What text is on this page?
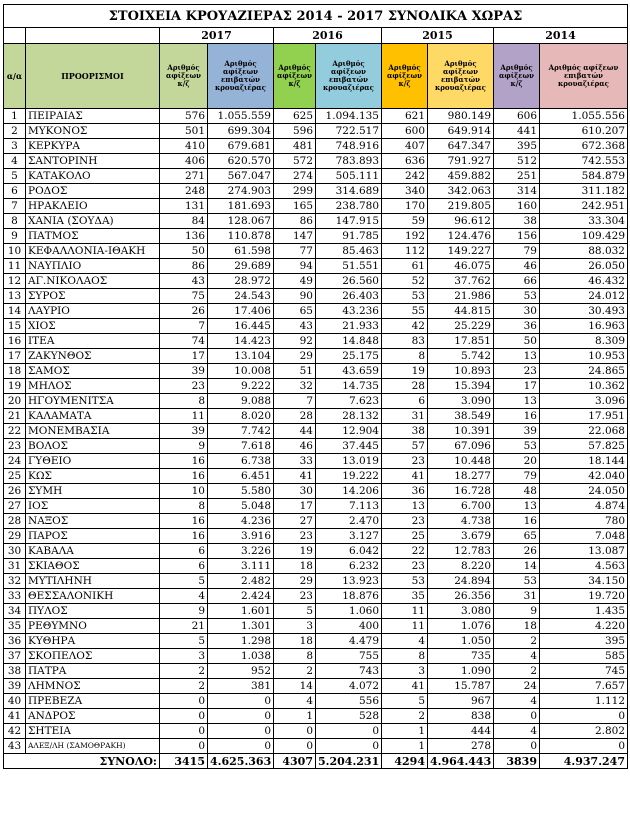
ΣΤΟΙΧΕΙΑ ΚΡΟΥΑΖΙΕΡΑΣ 2014 - 2017 ΣΥΝΟΛΙΚΑ ΧΩΡΑΣ									
		2017		2016		2015		2014	
α/α	ΠΡΟΟΡΙΣΜΟΙ	Αριθμός αφίξεων κ/ζ	Αριθμός αφίξεων επιβατών κρουαζιέρας	Αριθμός αφίξεων κ/ζ	Αριθμός αφίξεων επιβατών κρουαζιέρας	Αριθμός αφίξεων κ/ζ	Αριθμός αφίξεων επιβατών κρουαζιέρας	Αριθμός αφίξεων κ/ζ	Αριθμός αφίξεων επιβατών κρουαζιέρας
1	ΠΕΙΡΑΙΑΣ	576	1.055.559	625	1.094.135	621	980.149	606	1.055.556
2	ΜΥΚΟΝΟΣ	501	699.304	596	722.517	600	649.914	441	610.207
3	ΚΕΡΚΥΡΑ	410	679.681	481	748.916	407	647.347	395	672.368
4	ΣΑΝΤΟΡΙΝΗ	406	620.570	572	783.893	636	791.927	512	742.553
5	ΚΑΤΑΚΟΛΟ	271	567.047	274	505.111	242	459.882	251	584.879
6	ΡΟΔΟΣ	248	274.903	299	314.689	340	342.063	314	311.182
7	ΗΡΑΚΛΕΙΟ	131	181.693	165	238.780	170	219.805	160	242.951
8	ΧΑΝΙΑ (ΣΟΥΔΑ)	84	128.067	86	147.915	59	96.612	38	33.304
9	ΠΑΤΜΟΣ	136	110.878	147	91.785	192	124.476	156	109.429
10	ΚΕΦΑΛΛΟΝΙΑ-ΙΘΑΚΗ	50	61.598	77	85.463	112	149.227	79	88.032
11	ΝΑΥΠΛΙΟ	86	29.689	94	51.551	61	46.075	46	26.050
12	ΑΓ.ΝΙΚΟΛΑΟΣ	43	28.972	49	26.560	52	37.762	66	46.432
13	ΣΥΡΟΣ	75	24.543	90	26.403	53	21.986	53	24.012
14	ΛΑΥΡΙΟ	26	17.406	65	43.236	55	44.815	30	30.493
15	ΧΙΟΣ	7	16.445	43	21.933	42	25.229	36	16.963
16	ΙΤΕΑ	74	14.423	92	14.848	83	17.851	50	8.309
17	ΖΑΚΥΝΘΟΣ	17	13.104	29	25.175	8	5.742	13	10.953
18	ΣΑΜΟΣ	39	10.008	51	43.659	19	10.893	23	24.865
19	ΜΗΛΟΣ	23	9.222	32	14.735	28	15.394	17	10.362
20	ΗΓΟΥΜΕΝΙΤΣΑ	8	9.088	7	7.623	6	3.090	13	3.096
21	ΚΑΛΑΜΑΤΑ	11	8.020	28	28.132	31	38.549	16	17.951
22	ΜΟΝΕΜΒΑΣΙΑ	39	7.742	44	12.904	38	10.391	39	22.068
23	ΒΟΛΟΣ	9	7.618	46	37.445	57	67.096	53	57.825
24	ΓΥΘΕΙΟ	16	6.738	33	13.019	23	10.448	20	18.144
25	ΚΩΣ	16	6.451	41	19.222	41	18.277	79	42.040
26	ΣΥΜΗ	10	5.580	30	14.206	36	16.728	48	24.050
27	ΙΟΣ	8	5.048	17	7.113	13	6.700	13	4.874
28	ΝΑΞΟΣ	16	4.236	27	2.470	23	4.738	16	780
29	ΠΑΡΟΣ	16	3.916	23	3.127	25	3.679	65	7.048
30	ΚΑΒΑΛΑ	6	3.226	19	6.042	22	12.783	26	13.087
31	ΣΚΙΑΘΟΣ	6	3.111	18	6.232	23	8.220	14	4.563
32	ΜΥΤΙΛΗΝΗ	5	2.482	29	13.923	53	24.894	53	34.150
33	ΘΕΣΣΑΛΟΝΙΚΗ	4	2.424	23	18.876	35	26.356	31	19.720
34	ΠΥΛΟΣ	9	1.601	5	1.060	11	3.080	9	1.435
35	ΡΕΘΥΜΝΟ	21	1.301	3	400	11	1.076	18	4.220
36	ΚΥΘΗΡΑ	5	1.298	18	4.479	4	1.050	2	395
37	ΣΚΟΠΕΛΟΣ	3	1.038	8	755	8	735	4	585
38	ΠΑΤΡΑ	2	952	2	743	3	1.090	2	745
39	ΛΗΜΝΟΣ	2	381	14	4.072	41	15.787	24	7.657
40	ΠΡΕΒΕΖΑ	0	0	4	556	5	967	4	1.112
41	ΑΝΔΡΟΣ	0	0	1	528	2	838	0	0
42	ΣΗΤΕΙΑ	0	0	0	0	1	444	4	2.802
43	ΑΛΕΞ/ΛΗ (ΣΑΜΟΘΡΑΚΗ)	0	0	0	0	1	278	0	0
ΣΥΝΟΛΟ:		3415	4.625.363	4307	5.204.231	4294	4.964.443	3839	4.937.247
